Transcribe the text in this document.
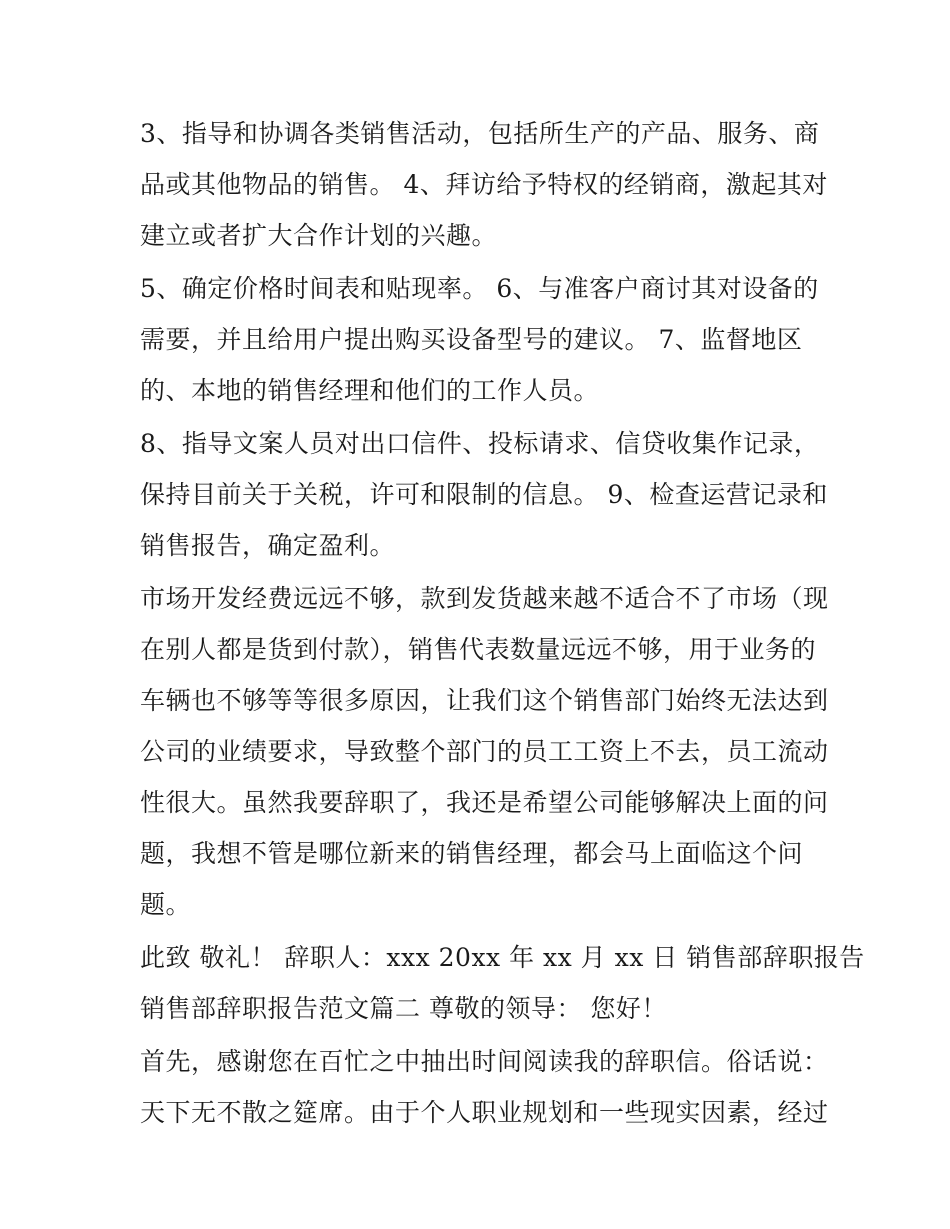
3、指导和协调各类销售活动，包括所生产的产品、服务、商
品或其他物品的销售。 4、拜访给予特权的经销商，激起其对
建立或者扩大合作计划的兴趣。
5、确定价格时间表和贴现率。 6、与准客户商讨其对设备的
需要，并且给用户提出购买设备型号的建议。 7、监督地区
的、本地的销售经理和他们的工作人员。
8、指导文案人员对出口信件、投标请求、信贷收集作记录，
保持目前关于关税，许可和限制的信息。 9、检查运营记录和
销售报告，确定盈利。
市场开发经费远远不够，款到发货越来越不适合不了市场（现
在别人都是货到付款），销售代表数量远远不够，用于业务的
车辆也不够等等很多原因，让我们这个销售部门始终无法达到
公司的业绩要求，导致整个部门的员工工资上不去，员工流动
性很大。虽然我要辞职了，我还是希望公司能够解决上面的问
题，我想不管是哪位新来的销售经理，都会马上面临这个问
题。
此致 敬礼！ 辞职人：xxx 20xx 年 xx 月 xx 日 销售部辞职报告
销售部辞职报告范文篇二 尊敬的领导： 您好！
首先，感谢您在百忙之中抽出时间阅读我的辞职信。俗话说：
天下无不散之筵席。由于个人职业规划和一些现实因素，经过
